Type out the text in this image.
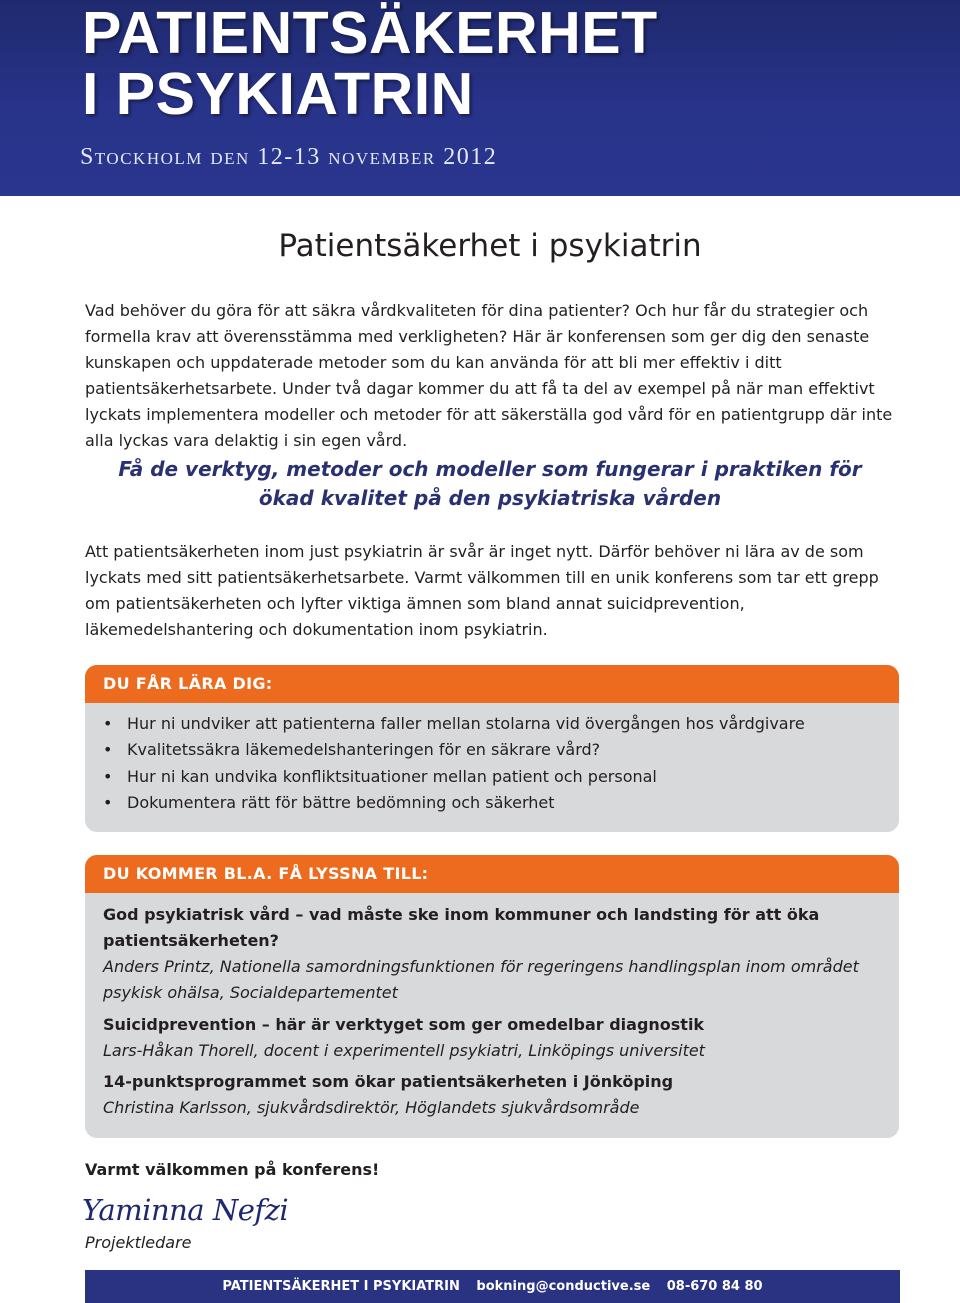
PATIENTSÄKERHET
I PSYKIATRIN

Stockholm den 12-13 november 2012

Patientsäkerhet i psykiatrin

Vad behöver du göra för att säkra vårdkvaliteten för dina patienter? Och hur får du strategier och formella krav att överensstämma med verkligheten? Här är konferensen som ger dig den senaste kunskapen och uppdaterade metoder som du kan använda för att bli mer effektiv i ditt patientsäkerhetsarbete. Under två dagar kommer du att få ta del av exempel på när man effektivt lyckats implementera modeller och metoder för att säkerställa god vård för en patientgrupp där inte alla lyckas vara delaktig i sin egen vård.

Få de verktyg, metoder och modeller som fungerar i praktiken för ökad kvalitet på den psykiatriska vården

Att patientsäkerheten inom just psykiatrin är svår är inget nytt. Därför behöver ni lära av de som lyckats med sitt patientsäkerhetsarbete. Varmt välkommen till en unik konferens som tar ett grepp om patientsäkerheten och lyfter viktiga ämnen som bland annat suicidprevention, läkemedelshantering och dokumentation inom psykiatrin.

DU FÅR LÄRA DIG:
• Hur ni undviker att patienterna faller mellan stolarna vid övergången hos vårdgivare
• Kvalitetssäkra läkemedelshanteringen för en säkrare vård?
• Hur ni kan undvika konfliktsituationer mellan patient och personal
• Dokumentera rätt för bättre bedömning och säkerhet
DU KOMMER BL.A. FÅ LYSSNA TILL:

God psykiatrisk vård – vad måste ske inom kommuner och landsting för att öka patientsäkerheten?

Anders Printz, Nationella samordningsfunktionen för regeringens handlingsplan inom området psykisk ohälsa, Socialdepartementet

Suicidprevention – här är verktyget som ger omedelbar diagnostik

Lars-Håkan Thorell, docent i experimentell psykiatri, Linköpings universitet

14-punktsprogrammet som ökar patientsäkerheten i Jönköping

Christina Karlsson, sjukvårdsdirektör, Höglandets sjukvårdsområde

Varmt välkommen på konferens!

Yaminna Nefzi

Projektledare

PATIENTSÄKERHET I PSYKIATRIN bokning@conductive.se 08-670 84 80
